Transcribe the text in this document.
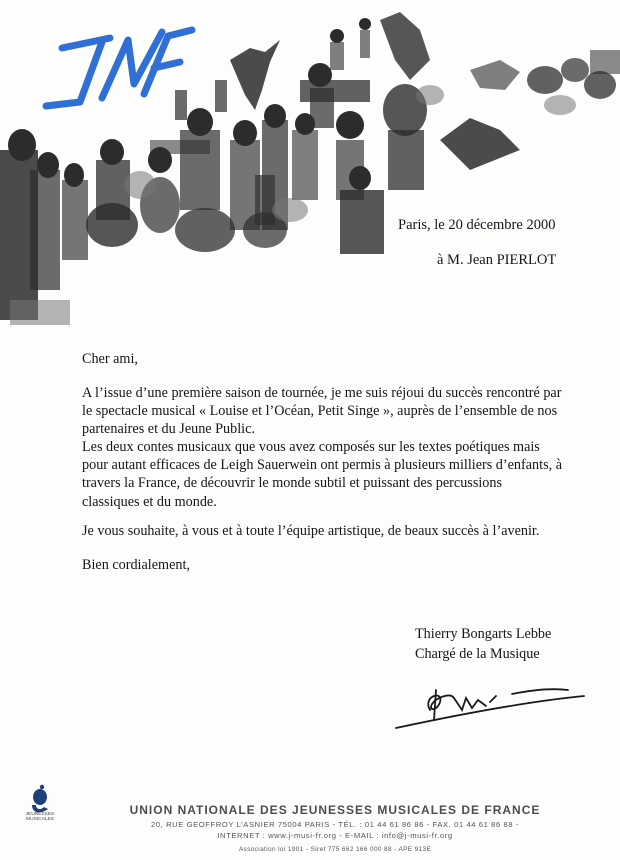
Paris, le 20 décembre 2000
à M. Jean PIERLOT
Cher ami,
A l’issue d’une première saison de tournée, je me suis réjoui du succès rencontré par le spectacle musical « Louise et l’Océan, Petit Singe », auprès de l’ensemble de nos partenaires et du Jeune Public.
Les deux contes musicaux que vous avez composés sur les textes poétiques mais pour autant efficaces de Leigh Sauerwein ont permis à plusieurs milliers d’enfants, à travers la France, de découvrir le monde subtil et puissant des percussions classiques et du monde.
Je vous souhaite, à vous et à toute l’équipe artistique, de beaux succès à l’avenir.
Bien cordialement,
Thierry Bongarts Lebbe
Chargé de la Musique
JEUNESSES MUSICALES
UNION NATIONALE DES JEUNESSES MUSICALES DE FRANCE
20, RUE GEOFFROY L’ASNIER 75004 PARIS - TÉL. : 01 44 61 86 86 - FAX. 01 44 61 86 88 -
INTERNET : www.j-musi-fr.org - E-MAIL : info@j-musi-fr.org
Association loi 1901 - Siret 775 662 166 000 88 - APE 913E
